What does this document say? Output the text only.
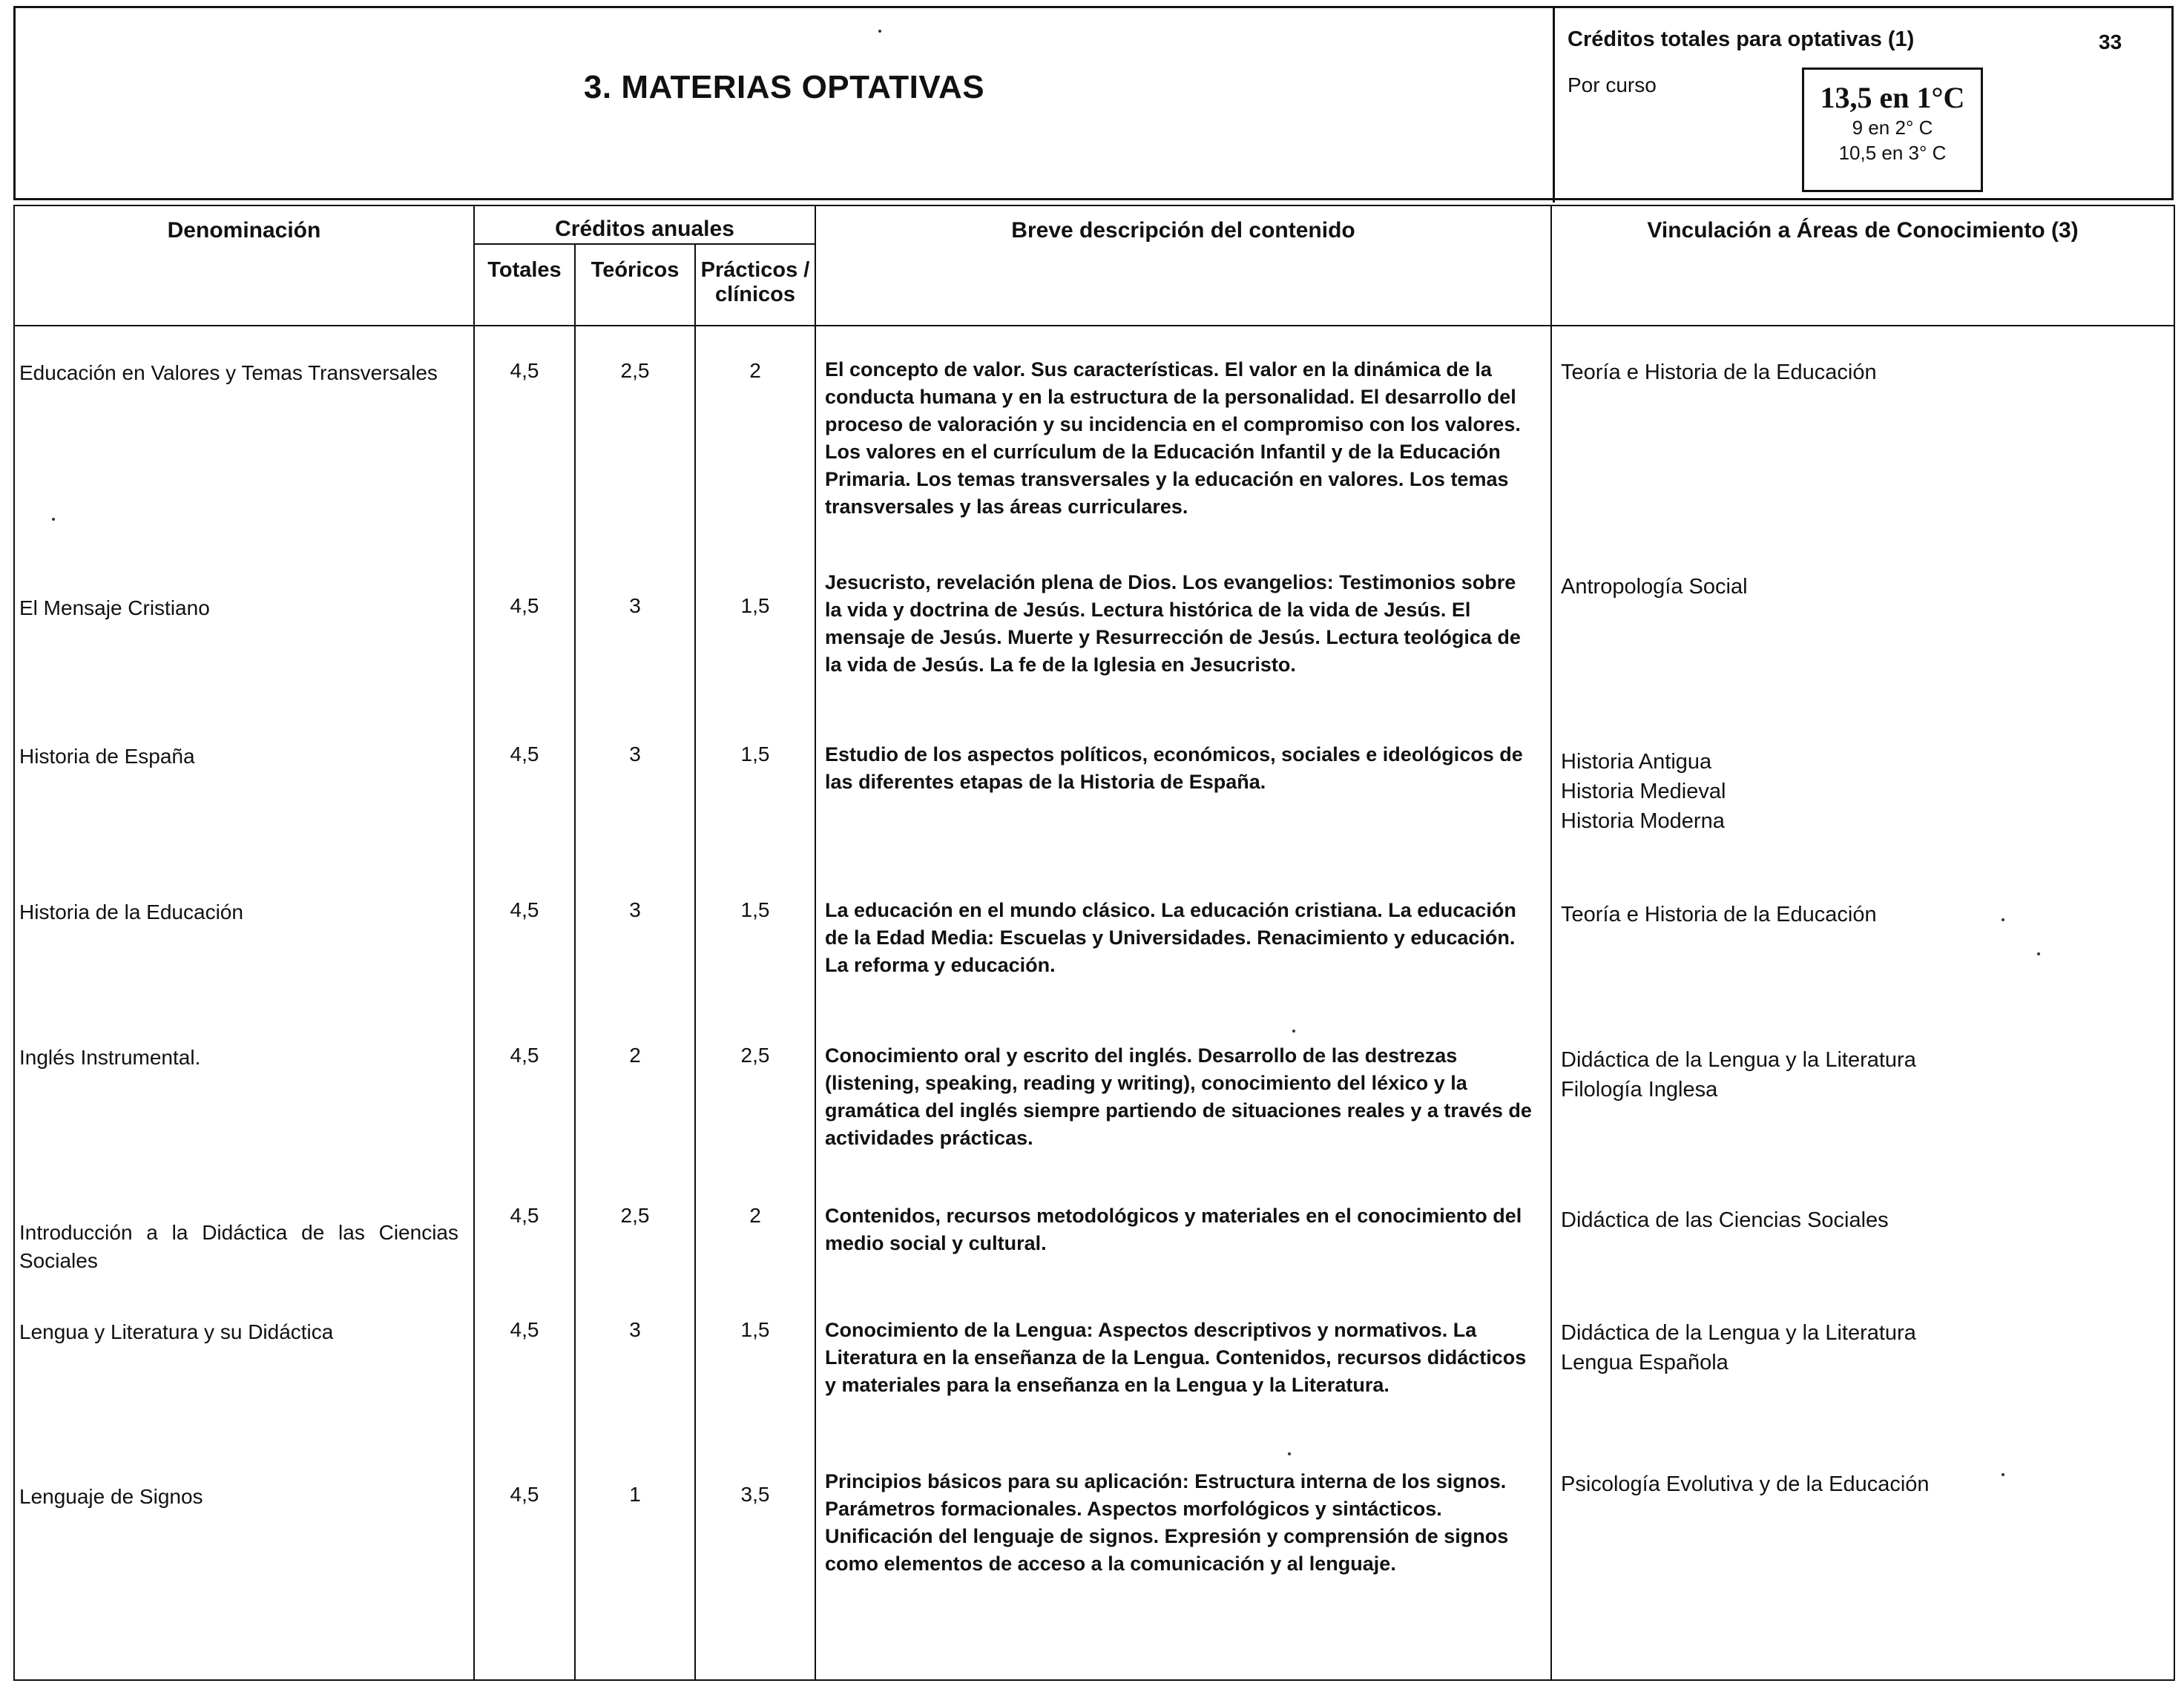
3. MATERIAS OPTATIVAS
Créditos totales para optativas (1)	33
Por curso	13,5 en 1°C
9 en 2° C
10,5 en 3° C
Denominación	Créditos anuales			Breve descripción del contenido	Vinculación a Áreas de Conocimiento (3)
	Totales	Teóricos	Prácticos / clínicos		
Educación en Valores y Temas Transversales	4,5	2,5	2	El concepto de valor. Sus características. El valor en la dinámica de la conducta humana y en la estructura de la personalidad. El desarrollo del proceso de valoración y su incidencia en el compromiso con los valores. Los valores en el currículum de la Educación Infantil y de la Educación Primaria. Los temas transversales y la educación en valores. Los temas transversales y las áreas curriculares.	Teoría e Historia de la Educación

El Mensaje Cristiano	4,5	3	1,5	Jesucristo, revelación plena de Dios. Los evangelios: Testimonios sobre la vida y doctrina de Jesús. Lectura histórica de la vida de Jesús. El mensaje de Jesús. Muerte y Resurrección de Jesús. Lectura teológica de la vida de Jesús. La fe de la Iglesia en Jesucristo.	Antropología Social

Historia de España	4,5	3	1,5	Estudio de los aspectos políticos, económicos, sociales e ideológicos de las diferentes etapas de la Historia de España.	Historia Antigua
Historia Medieval
Historia Moderna

Historia de la Educación	4,5	3	1,5	La educación en el mundo clásico. La educación cristiana. La educación de la Edad Media: Escuelas y Universidades. Renacimiento y educación. La reforma y educación.	Teoría e Historia de la Educación

Inglés Instrumental.	4,5	2	2,5	Conocimiento oral y escrito del inglés. Desarrollo de las destrezas (listening, speaking, reading y writing), conocimiento del léxico y la gramática del inglés siempre partiendo de situaciones reales y a través de actividades prácticas.	Didáctica de la Lengua y la Literatura
Filología Inglesa

Introducción a la Didáctica de las Ciencias Sociales	4,5	2,5	2	Contenidos, recursos metodológicos y materiales en el conocimiento del medio social y cultural.	Didáctica de las Ciencias Sociales

Lengua y Literatura y su Didáctica	4,5	3	1,5	Conocimiento de la Lengua: Aspectos descriptivos y normativos. La Literatura en la enseñanza de la Lengua. Contenidos, recursos didácticos y materiales para la enseñanza en la Lengua y la Literatura.	Didáctica de la Lengua y la Literatura
Lengua Española

Lenguaje de Signos	4,5	1	3,5	Principios básicos para su aplicación: Estructura interna de los signos. Parámetros formacionales. Aspectos morfológicos y sintácticos. Unificación del lenguaje de signos. Expresión y comprensión de signos como elementos de acceso a la comunicación y al lenguaje.	Psicología Evolutiva y de la Educación
